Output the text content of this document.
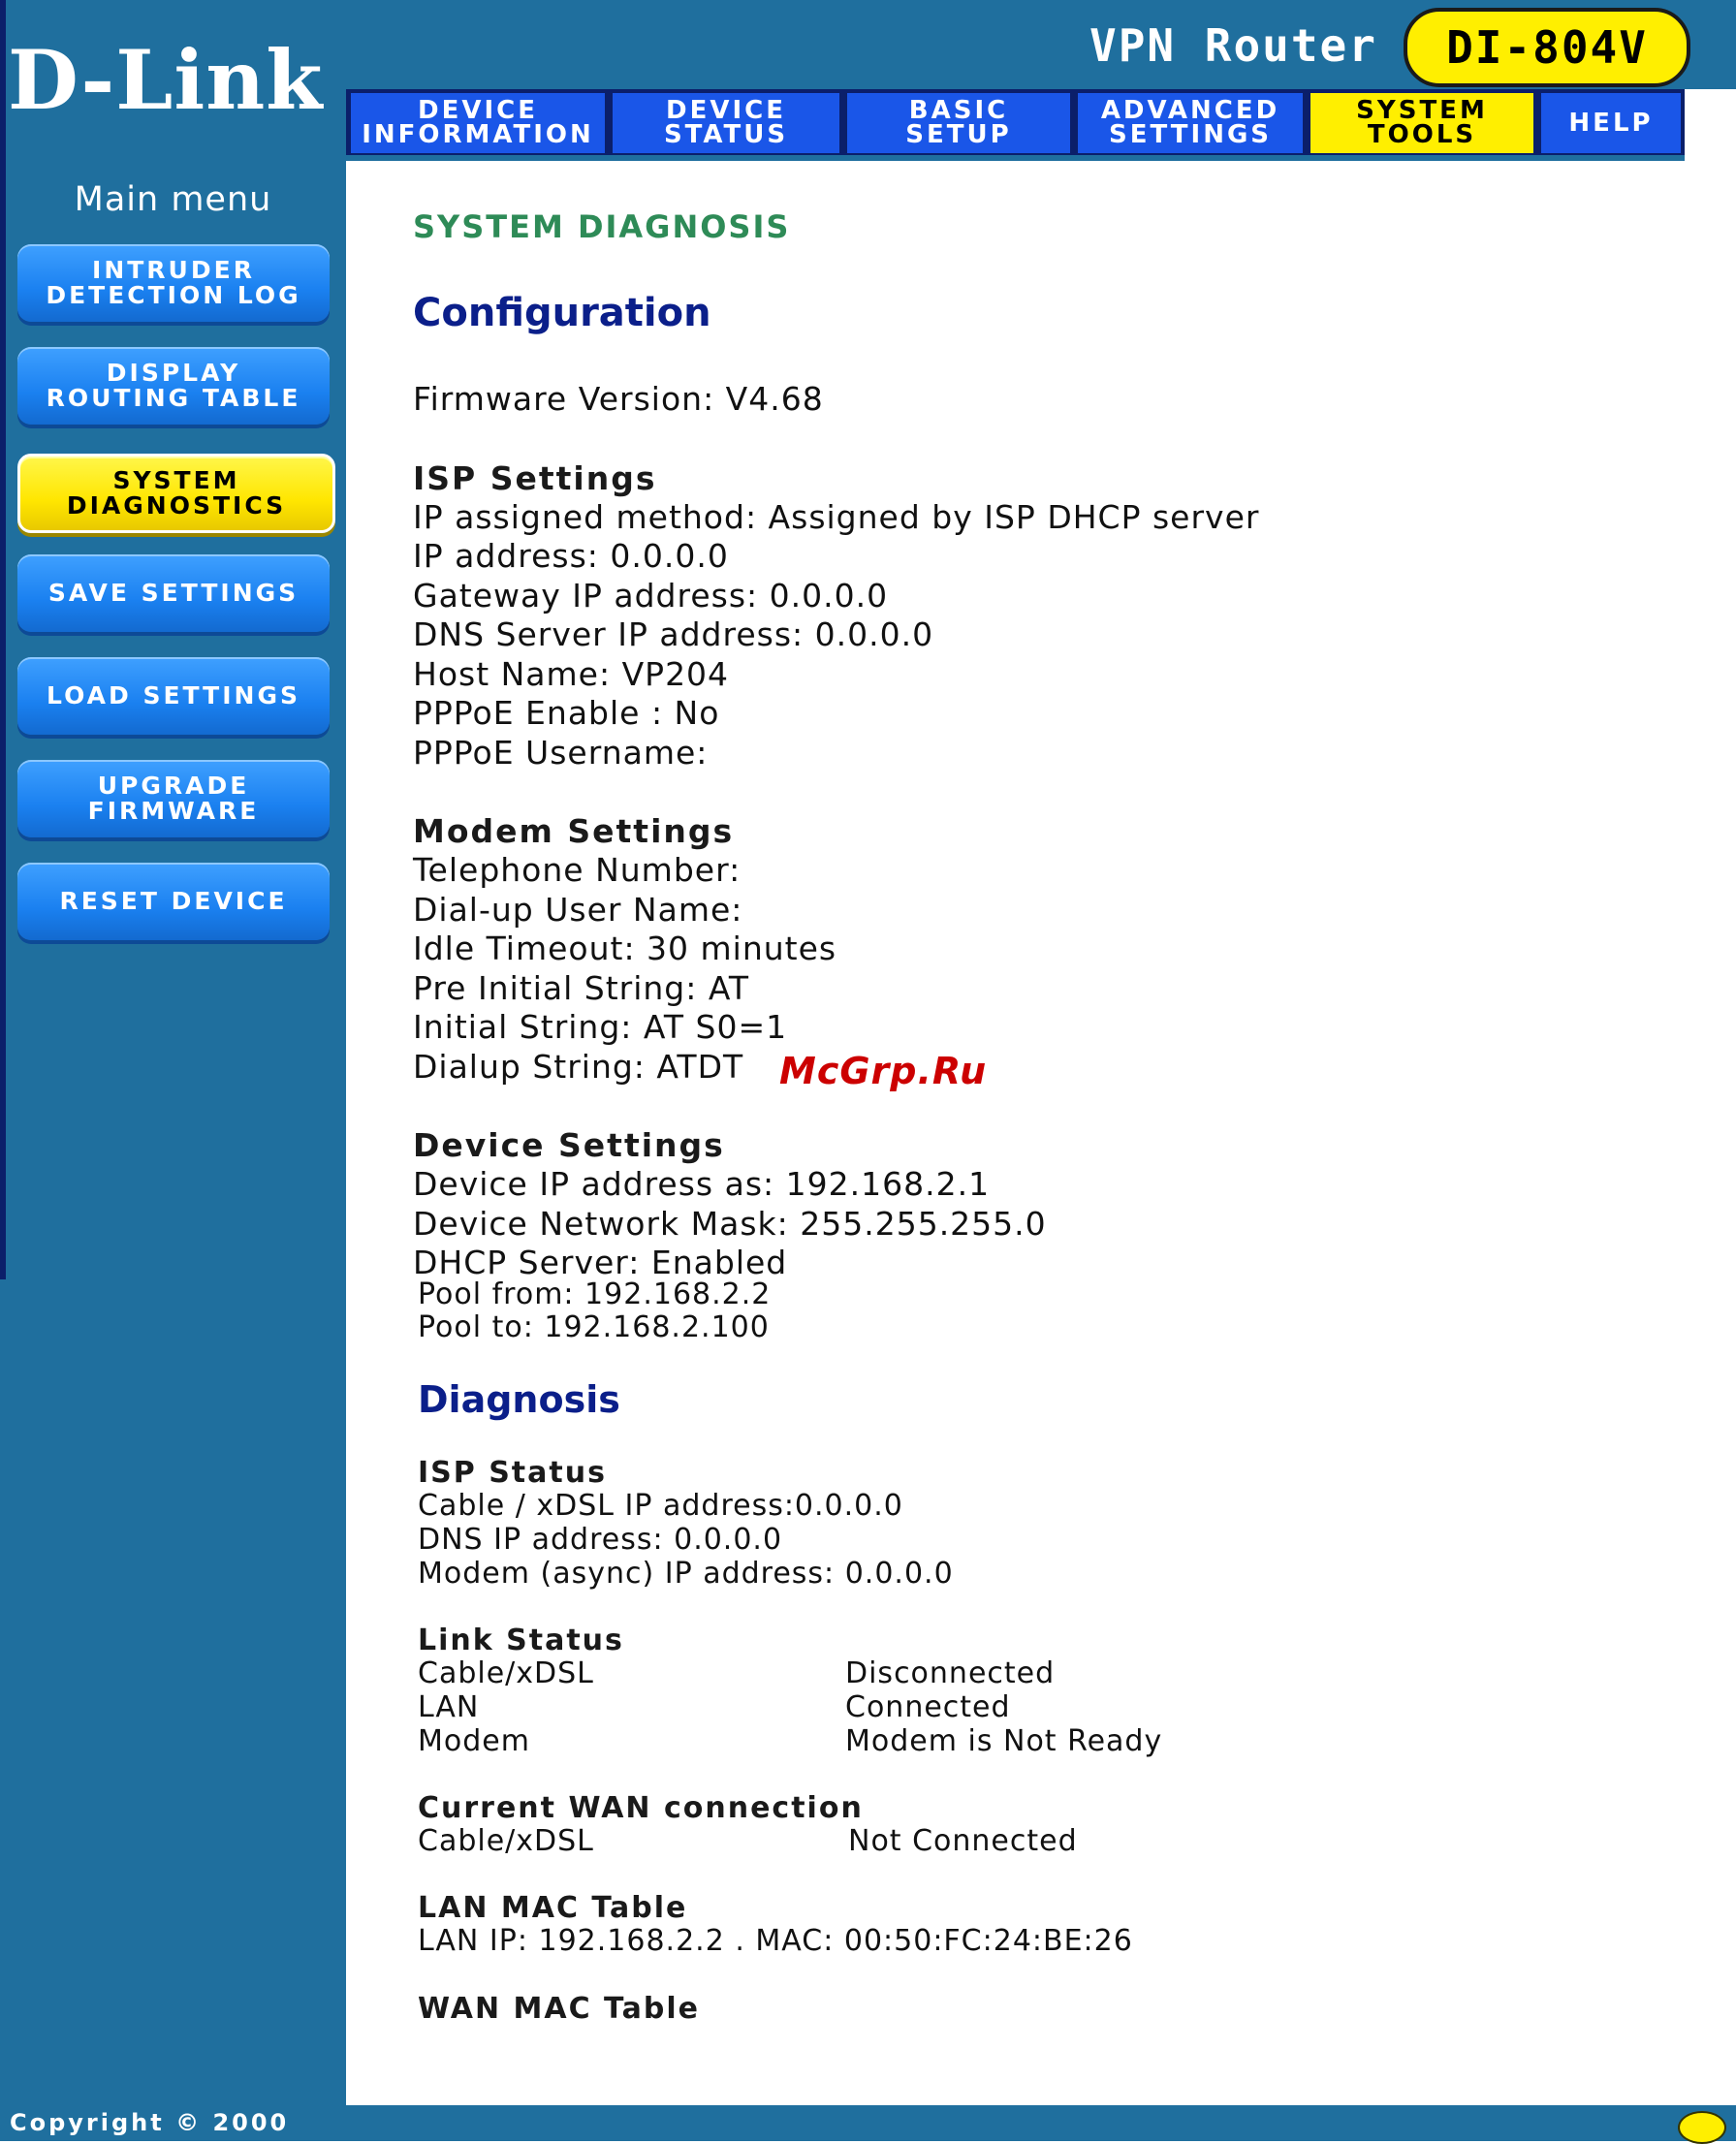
D-Link
Main menu
INTRUDER
DETECTION LOG
DISPLAY
ROUTING TABLE
SYSTEM
DIAGNOSTICS
SAVE SETTINGS
LOAD SETTINGS
UPGRADE
FIRMWARE
RESET DEVICE
VPN Router	DI-804V
DEVICE
INFORMATION
DEVICE
STATUS
BASIC
SETUP
ADVANCED
SETTINGS
SYSTEM
TOOLS	HELP
SYSTEM DIAGNOSIS
Configuration
Firmware Version: V4.68
ISP Settings
IP assigned method: Assigned by ISP DHCP server
IP address: 0.0.0.0
Gateway IP address: 0.0.0.0
DNS Server IP address: 0.0.0.0
Host Name: VP204
PPPoE Enable : No
PPPoE Username:
Modem Settings
Telephone Number:
Dial-up User Name:
Idle Timeout: 30 minutes
Pre Initial String: AT
Initial String: AT S0=1
Dialup String: ATDT McGrp.Ru
Device Settings
Device IP address as: 192.168.2.1
Device Network Mask: 255.255.255.0
DHCP Server: Enabled
Pool from: 192.168.2.2
Pool to: 192.168.2.100
Diagnosis
ISP Status
Cable / xDSL IP address:0.0.0.0
DNS IP address: 0.0.0.0
Modem (async) IP address: 0.0.0.0
Link Status
Cable/xDSL	Disconnected
LAN	Connected
Modem	Modem is Not Ready
Current WAN connection
Cable/xDSL	Not Connected
LAN MAC Table
LAN IP: 192.168.2.2 . MAC: 00:50:FC:24:BE:26
WAN MAC Table
Copyright © 2000
